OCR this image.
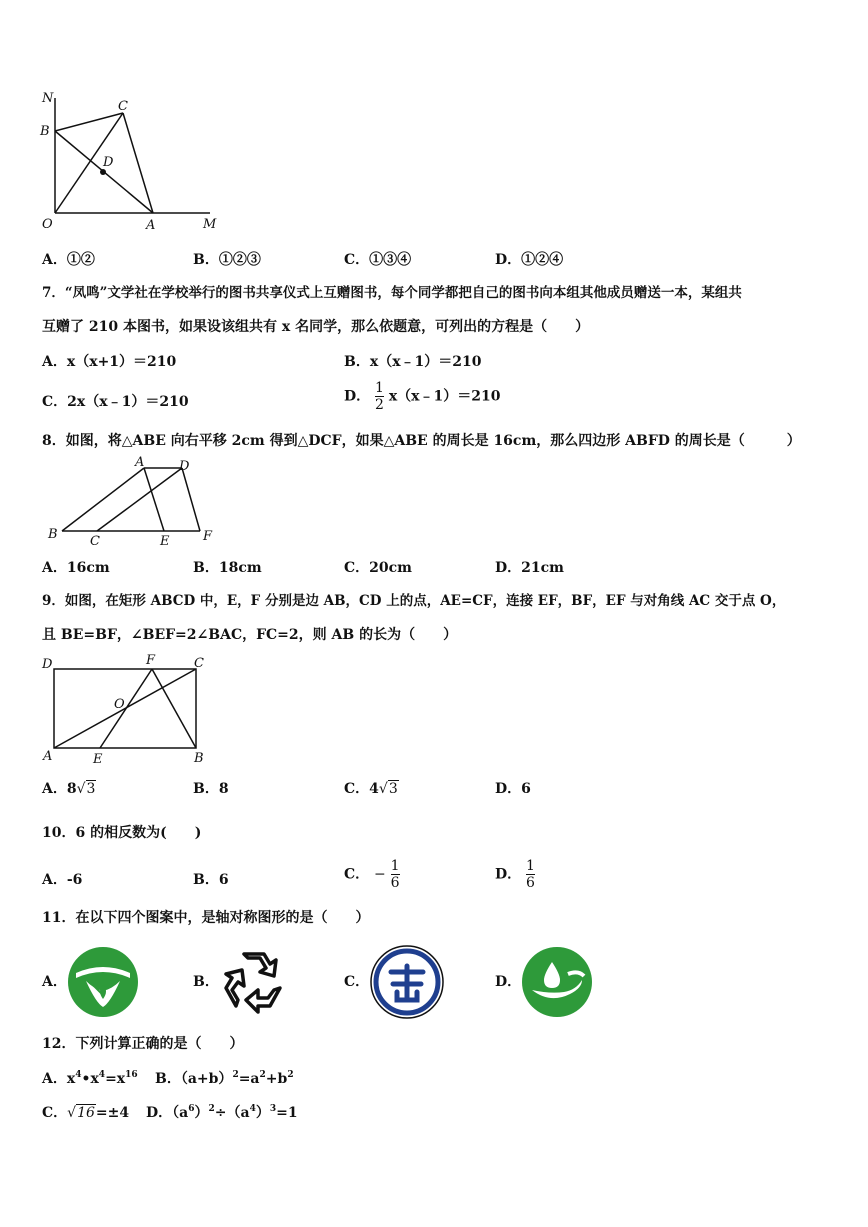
N
B
C
D
O	A	M
A．①②	B．①②③	C．①③④	D．①②④
7．“凤鸣”文学社在学校举行的图书共享仪式上互赠图书，每个同学都把自己的图书向本组其他成员赠送一本，某组共
互赠了 210 本图书，如果设该组共有 x 名同学，那么依题意，可列出的方程是（　　）
A．x（x+1）＝210	B．x（x﹣1）＝210
C．2x（x﹣1）＝210	D． $\frac{1}{2}$ x（x﹣1）＝210
8．如图，将△ABE 向右平移 2cm 得到△DCF，如果△ABE 的周长是 16cm，那么四边形 ABFD 的周长是（　　　）
A	D
B C	E	F
A．16cm	B．18cm	C．20cm	D．21cm
9．如图，在矩形 ABCD 中，E，F 分别是边 AB，CD 上的点，AE=CF，连接 EF，BF，EF 与对角线 AC 交于点 O，
且 BE=BF，∠BEF=2∠BAC，FC=2，则 AB 的长为（　　）
D	F	C
O
A	E	B
A．8√3	B．8	C．4√3	D．6
10．6 的相反数为(　　)
A．-6	B．6	C． − $\frac{1}{6}$	D． $\frac{1}{6}$
11．在以下四个图案中，是轴对称图形的是（　　）
A．	B．	C．	D．
12．下列计算正确的是（　　）
A．$x^4•x^4=x^{16}$ B．$(a+b)^2=a^2+b^2$
C．√16=±4 D．$(a^6)^2\div(a^4)^3=1$
